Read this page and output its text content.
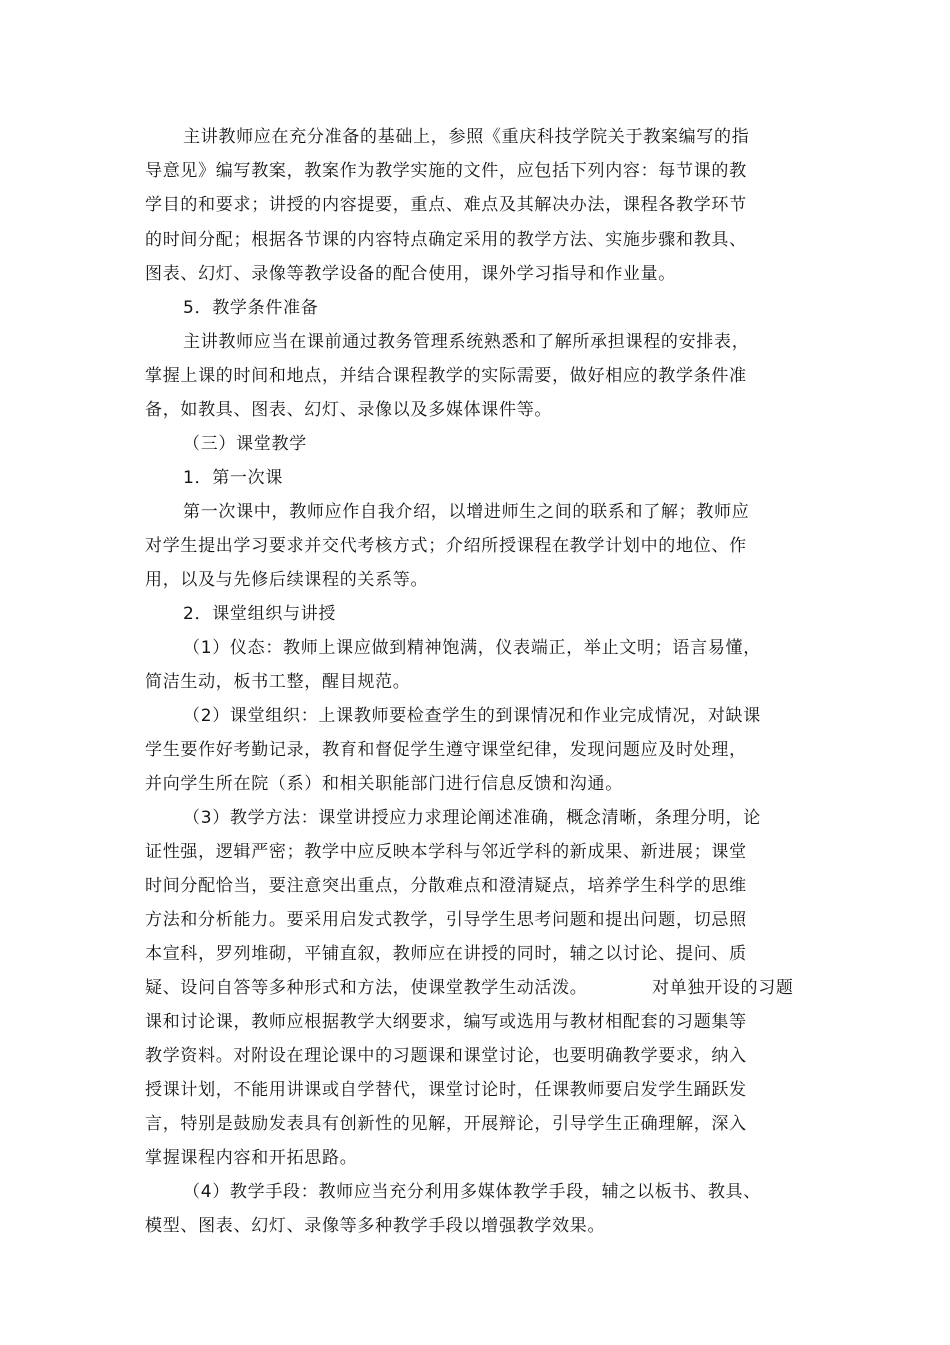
主讲教师应在充分准备的基础上，参照《重庆科技学院关于教案编写的指
导意见》编写教案，教案作为教学实施的文件，应包括下列内容：每节课的教
学目的和要求；讲授的内容提要，重点、难点及其解决办法，课程各教学环节
的时间分配；根据各节课的内容特点确定采用的教学方法、实施步骤和教具、
图表、幻灯、录像等教学设备的配合使用，课外学习指导和作业量。
5．教学条件准备
主讲教师应当在课前通过教务管理系统熟悉和了解所承担课程的安排表，
掌握上课的时间和地点，并结合课程教学的实际需要，做好相应的教学条件准
备，如教具、图表、幻灯、录像以及多媒体课件等。
（三）课堂教学
1．第一次课
第一次课中，教师应作自我介绍，以增进师生之间的联系和了解；教师应
对学生提出学习要求并交代考核方式；介绍所授课程在教学计划中的地位、作
用，以及与先修后续课程的关系等。
2．课堂组织与讲授
（1）仪态：教师上课应做到精神饱满，仪表端正，举止文明；语言易懂，
简洁生动，板书工整，醒目规范。
（2）课堂组织：上课教师要检查学生的到课情况和作业完成情况，对缺课
学生要作好考勤记录，教育和督促学生遵守课堂纪律，发现问题应及时处理，
并向学生所在院（系）和相关职能部门进行信息反馈和沟通。
（3）教学方法：课堂讲授应力求理论阐述准确，概念清晰，条理分明，论
证性强，逻辑严密；教学中应反映本学科与邻近学科的新成果、新进展；课堂
时间分配恰当，要注意突出重点，分散难点和澄清疑点，培养学生科学的思维
方法和分析能力。要采用启发式教学，引导学生思考问题和提出问题，切忌照
本宣科，罗列堆砌，平铺直叙，教师应在讲授的同时，辅之以讨论、提问、质
疑、设问自答等多种形式和方法，使课堂教学生动活泼。	对单独开设的习题
课和讨论课，教师应根据教学大纲要求，编写或选用与教材相配套的习题集等
教学资料。对附设在理论课中的习题课和课堂讨论，也要明确教学要求，纳入
授课计划，不能用讲课或自学替代，课堂讨论时，任课教师要启发学生踊跃发
言，特别是鼓励发表具有创新性的见解，开展辩论，引导学生正确理解，深入
掌握课程内容和开拓思路。
（4）教学手段：教师应当充分利用多媒体教学手段，辅之以板书、教具、
模型、图表、幻灯、录像等多种教学手段以增强教学效果。
